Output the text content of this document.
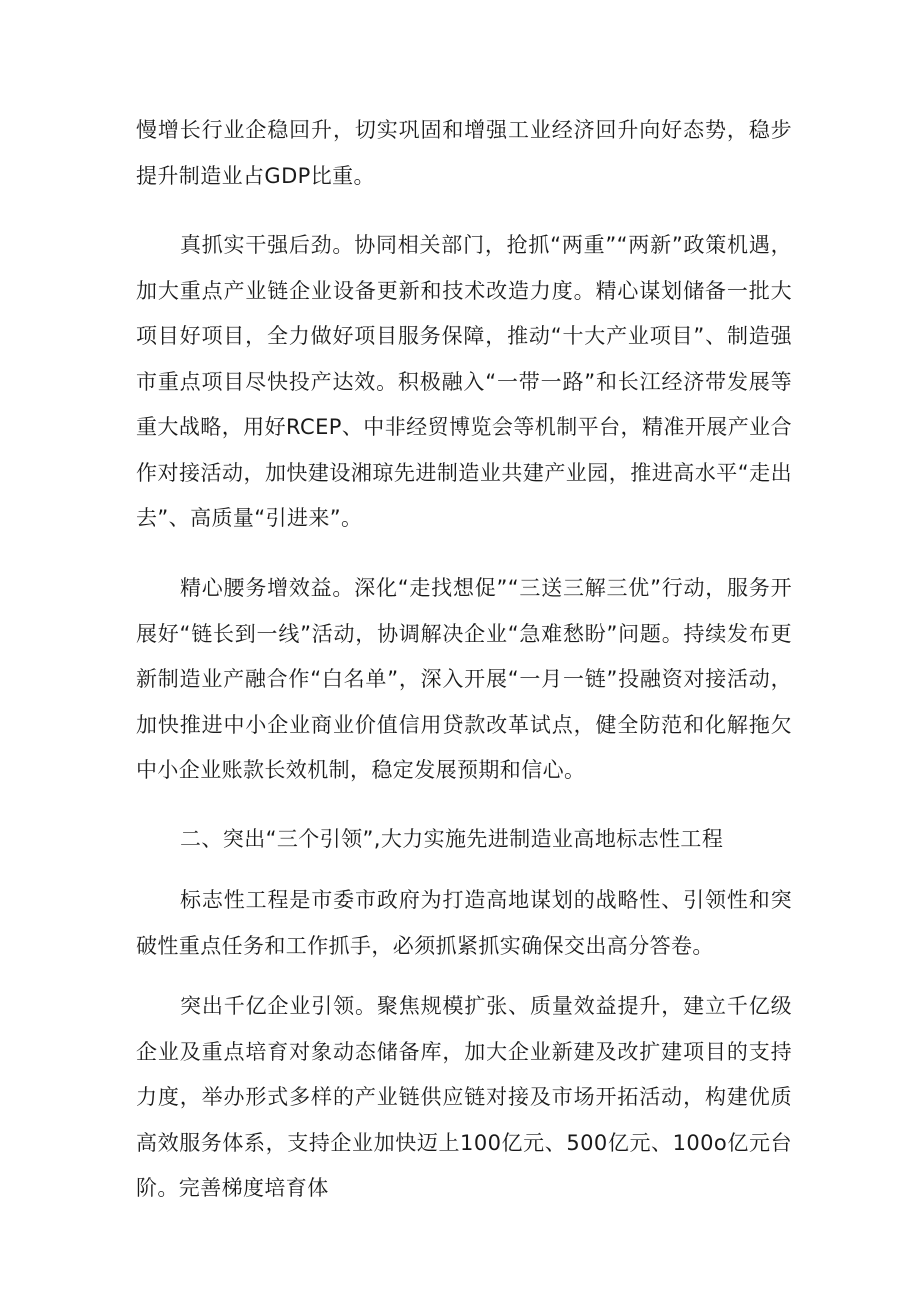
慢增长行业企稳回升，切实巩固和增强工业经济回升向好态势，稳步提升制造业占GDP比重。

真抓实干强后劲。协同相关部门，抢抓“两重”“两新”政策机遇，加大重点产业链企业设备更新和技术改造力度。精心谋划储备一批大项目好项目，全力做好项目服务保障，推动“十大产业项目”、制造强市重点项目尽快投产达效。积极融入“一带一路”和长江经济带发展等重大战略，用好RCEP、中非经贸博览会等机制平台，精准开展产业合作对接活动，加快建设湘琼先进制造业共建产业园，推进高水平“走出去”、高质量“引进来”。

精心腰务增效益。深化“走找想促”“三送三解三优”行动，服务开展好“链长到一线”活动，协调解决企业“急难愁盼”问题。持续发布更新制造业产融合作“白名单”，深入开展“一月一链”投融资对接活动，加快推进中小企业商业价值信用贷款改革试点，健全防范和化解拖欠中小企业账款长效机制，稳定发展预期和信心。

二、突出“三个引领”,大力实施先进制造业高地标志性工程

标志性工程是市委市政府为打造高地谋划的战略性、引领性和突破性重点任务和工作抓手，必须抓紧抓实确保交出高分答卷。

突出千亿企业引领。聚焦规模扩张、质量效益提升，建立千亿级企业及重点培育对象动态储备库，加大企业新建及改扩建项目的支持力度，举办形式多样的产业链供应链对接及市场开拓活动，构建优质高效服务体系，支持企业加快迈上100亿元、500亿元、100o亿元台阶。完善梯度培育体
